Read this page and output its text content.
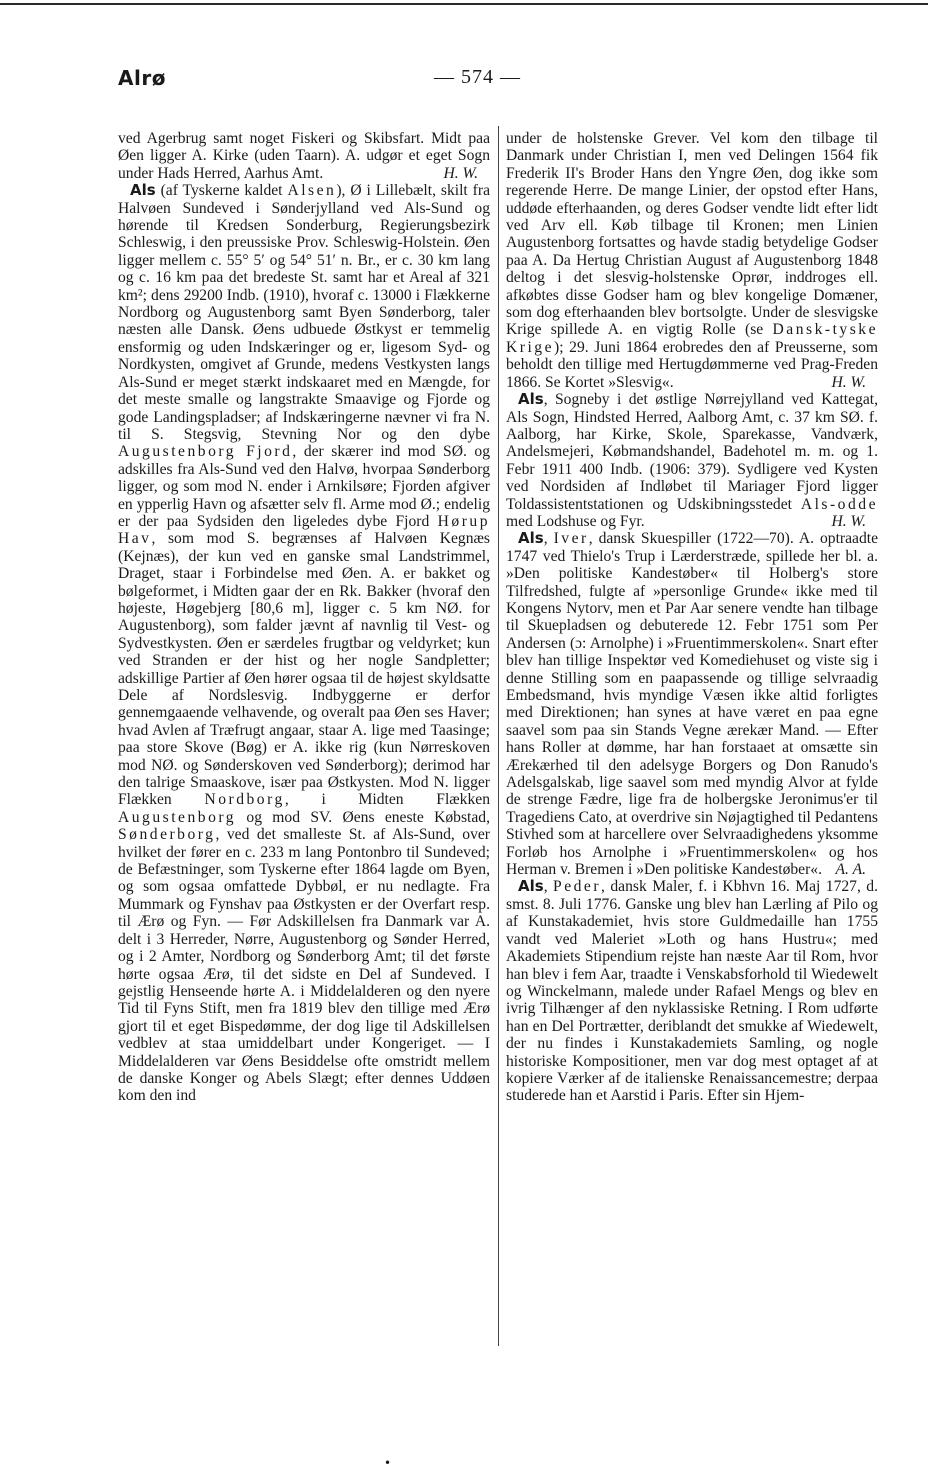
Alrø	— 574 —

ved Agerbrug samt noget Fiskeri og Skibsfart. Midt paa Øen ligger A. Kirke (uden Taarn). A. udgør et eget Sogn under Hads Herred, Aarhus Amt.	H. W.

Als (af Tyskerne kaldet Alsen), Ø i Lillebælt, skilt fra Halvøen Sundeved i Sønderjylland ved Als-Sund og hørende til Kredsen Sonderburg, Regierungsbezirk Schleswig, i den preussiske Prov. Schleswig-Holstein. Øen ligger mellem c. 55° 5′ og 54° 51′ n. Br., er c. 30 km lang og c. 16 km paa det bredeste St. samt har et Areal af 321 km²; dens 29200 Indb. (1910), hvoraf c. 13000 i Flækkerne Nordborg og Augustenborg samt Byen Sønderborg, taler næsten alle Dansk. Øens udbuede Østkyst er temmelig ensformig og uden Indskæringer og er, ligesom Syd- og Nordkysten, omgivet af Grunde, medens Vestkysten langs Als-Sund er meget stærkt indskaaret med en Mængde, for det meste smalle og langstrakte Smaavige og Fjorde og gode Landingspladser; af Indskæringerne nævner vi fra N. til S. Stegsvig, Stevning Nor og den dybe Augustenborg Fjord, der skærer ind mod SØ. og adskilles fra Als-Sund ved den Halvø, hvorpaa Sønderborg ligger, og som mod N. ender i Arnkilsøre; Fjorden afgiver en ypperlig Havn og afsætter selv fl. Arme mod Ø.; endelig er der paa Sydsiden den ligeledes dybe Fjord Hørup Hav, som mod S. begrænses af Halvøen Kegnæs (Kejnæs), der kun ved en ganske smal Landstrimmel, Draget, staar i Forbindelse med Øen. A. er bakket og bølgeformet, i Midten gaar der en Rk. Bakker (hvoraf den højeste, Høgebjerg [80,6 m], ligger c. 5 km NØ. for Augustenborg), som falder jævnt af navnlig til Vest- og Sydvestkysten. Øen er særdeles frugtbar og veldyrket; kun ved Stranden er der hist og her nogle Sandpletter; adskillige Partier af Øen hører ogsaa til de højest skyldsatte Dele af Nordslesvig. Indbyggerne er derfor gennemgaaende velhavende, og overalt paa Øen ses Haver; hvad Avlen af Træfrugt angaar, staar A. lige med Taasinge; paa store Skove (Bøg) er A. ikke rig (kun Nørreskoven mod NØ. og Sønderskoven ved Sønderborg); derimod har den talrige Smaaskove, især paa Østkysten. Mod N. ligger Flækken Nordborg, i Midten Flækken Augustenborg og mod SV. Øens eneste Købstad, Sønderborg, ved det smalleste St. af Als-Sund, over hvilket der fører en c. 233 m lang Pontonbro til Sundeved; de Befæstninger, som Tyskerne efter 1864 lagde om Byen, og som ogsaa omfattede Dybbøl, er nu nedlagte. Fra Mummark og Fynshav paa Østkysten er der Overfart resp. til Ærø og Fyn. — Før Adskillelsen fra Danmark var A. delt i 3 Herreder, Nørre, Augustenborg og Sønder Herred, og i 2 Amter, Nordborg og Sønderborg Amt; til det første hørte ogsaa Ærø, til det sidste en Del af Sundeved. I gejstlig Henseende hørte A. i Middelalderen og den nyere Tid til Fyns Stift, men fra 1819 blev den tillige med Ærø gjort til et eget Bispedømme, der dog lige til Adskillelsen vedblev at staa umiddelbart under Kongeriget. — I Middelalderen var Øens Besiddelse ofte omstridt mellem de danske Konger og Abels Slægt; efter dennes Uddøen kom den ind

under de holstenske Grever. Vel kom den tilbage til Danmark under Christian I, men ved Delingen 1564 fik Frederik II's Broder Hans den Yngre Øen, dog ikke som regerende Herre. De mange Linier, der opstod efter Hans, uddøde efterhaanden, og deres Godser vendte lidt efter lidt ved Arv ell. Køb tilbage til Kronen; men Linien Augustenborg fortsattes og havde stadig betydelige Godser paa A. Da Hertug Christian August af Augustenborg 1848 deltog i det slesvig-holstenske Oprør, inddroges ell. afkøbtes disse Godser ham og blev kongelige Domæner, som dog efterhaanden blev bortsolgte. Under de slesvigske Krige spillede A. en vigtig Rolle (se Dansk-tyske Krige); 29. Juni 1864 erobredes den af Preusserne, som beholdt den tillige med Hertugdømmerne ved Prag-Freden 1866. Se Kortet »Slesvig«.	H. W.

Als, Sogneby i det østlige Nørrejylland ved Kattegat, Als Sogn, Hindsted Herred, Aalborg Amt, c. 37 km SØ. f. Aalborg, har Kirke, Skole, Sparekasse, Vandværk, Andelsmejeri, Købmandshandel, Badehotel m. m. og 1. Febr 1911 400 Indb. (1906: 379). Sydligere ved Kysten ved Nordsiden af Indløbet til Mariager Fjord ligger Toldassistentstationen og Udskibningsstedet Als-odde med Lodshuse og Fyr.	H. W.

Als, Iver, dansk Skuespiller (1722—70). A. optraadte 1747 ved Thielo's Trup i Lærderstræde, spillede her bl. a. »Den politiske Kandestøber« til Holberg's store Tilfredshed, fulgte af »personlige Grunde« ikke med til Kongens Nytorv, men et Par Aar senere vendte han tilbage til Skuepladsen og debuterede 12. Febr 1751 som Per Andersen (ɔ: Arnolphe) i »Fruentimmerskolen«. Snart efter blev han tillige Inspektør ved Komediehuset og viste sig i denne Stilling som en paapassende og tillige selvraadig Embedsmand, hvis myndige Væsen ikke altid forligtes med Direktionen; han synes at have været en paa egne saavel som paa sin Stands Vegne ærekær Mand. — Efter hans Roller at dømme, har han forstaaet at omsætte sin Ærekærhed til den adelsyge Borgers og Don Ranudo's Adelsgalskab, lige saavel som med myndig Alvor at fylde de strenge Fædre, lige fra de holbergske Jeronimus'er til Tragediens Cato, at overdrive sin Nøjagtighed til Pedantens Stivhed som at harcellere over Selvraadighedens yksomme Forløb hos Arnolphe i »Fruentimmerskolen« og hos Herman v. Bremen i »Den politiske Kandestøber«. A. A.

Als, Peder, dansk Maler, f. i Kbhvn 16. Maj 1727, d. smst. 8. Juli 1776. Ganske ung blev han Lærling af Pilo og af Kunstakademiet, hvis store Guldmedaille han 1755 vandt ved Maleriet »Loth og hans Hustru«; med Akademiets Stipendium rejste han næste Aar til Rom, hvor han blev i fem Aar, traadte i Venskabsforhold til Wiedewelt og Winckelmann, malede under Rafael Mengs og blev en ivrig Tilhænger af den nyklassiske Retning. I Rom udførte han en Del Portrætter, deriblandt det smukke af Wiedewelt, der nu findes i Kunstakademiets Samling, og nogle historiske Kompositioner, men var dog mest optaget af at kopiere Værker af de italienske Renaissancemestre; derpaa studerede han et Aarstid i Paris. Efter sin Hjem-

•
